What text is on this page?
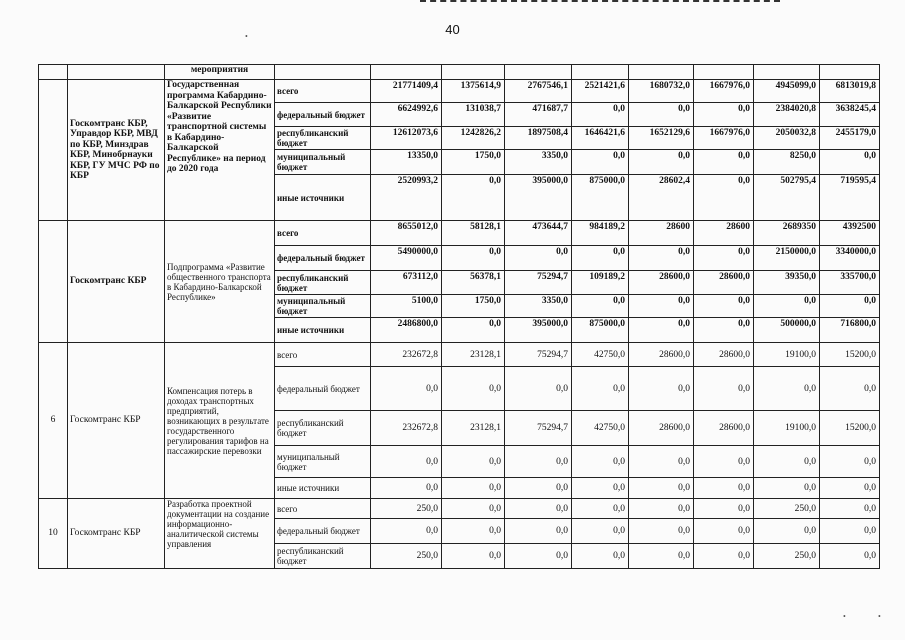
40
•
•	•
		мероприятия									
	Госкомтранс КБР, Управдор КБР, МВД по КБР, Минздрав КБР, Минобрнауки КБР, ГУ МЧС РФ по КБР	Государственная программа Кабардино-Балкарской Республики «Развитие транспортной системы в Кабардино-Балкарской Республике» на период до 2020 года	всего	21771409,4	1375614,9	2767546,1	2521421,6	1680732,0	1667976,0	4945099,0	6813019,8
			федеральный бюджет	6624992,6	131038,7	471687,7	0,0	0,0	0,0	2384020,8	3638245,4
			республиканский бюджет	12612073,6	1242826,2	1897508,4	1646421,6	1652129,6	1667976,0	2050032,8	2455179,0
			муниципальный бюджет	13350,0	1750,0	3350,0	0,0	0,0	0,0	8250,0	0,0
			иные источники	2520993,2	0,0	395000,0	875000,0	28602,4	0,0	502795,4	719595,4
	Госкомтранс КБР	Подпрограмма «Развитие общественного транспорта в Кабардино-Балкарской Республике»	всего	8655012,0	58128,1	473644,7	984189,2	28600	28600	2689350	4392500
			федеральный бюджет	5490000,0	0,0	0,0	0,0	0,0	0,0	2150000,0	3340000,0
			республиканский бюджет	673112,0	56378,1	75294,7	109189,2	28600,0	28600,0	39350,0	335700,0
			муниципальный бюджет	5100,0	1750,0	3350,0	0,0	0,0	0,0	0,0	0,0
			иные источники	2486800,0	0,0	395000,0	875000,0	0,0	0,0	500000,0	716800,0
6	Госкомтранс КБР	Компенсация потерь в доходах транспортных предприятий, возникающих в результате государственного регулирования тарифов на пассажирские перевозки	всего	232672,8	23128,1	75294,7	42750,0	28600,0	28600,0	19100,0	15200,0
			федеральный бюджет	0,0	0,0	0,0	0,0	0,0	0,0	0,0	0,0
			республиканский бюджет	232672,8	23128,1	75294,7	42750,0	28600,0	28600,0	19100,0	15200,0
			муниципальный бюджет	0,0	0,0	0,0	0,0	0,0	0,0	0,0	0,0
			иные источники	0,0	0,0	0,0	0,0	0,0	0,0	0,0	0,0
10	Госкомтранс КБР	Разработка проектной документации на создание информационно-аналитической системы управления	всего	250,0	0,0	0,0	0,0	0,0	0,0	250,0	0,0
			федеральный бюджет	0,0	0,0	0,0	0,0	0,0	0,0	0,0	0,0
			республиканский бюджет	250,0	0,0	0,0	0,0	0,0	0,0	250,0	0,0
